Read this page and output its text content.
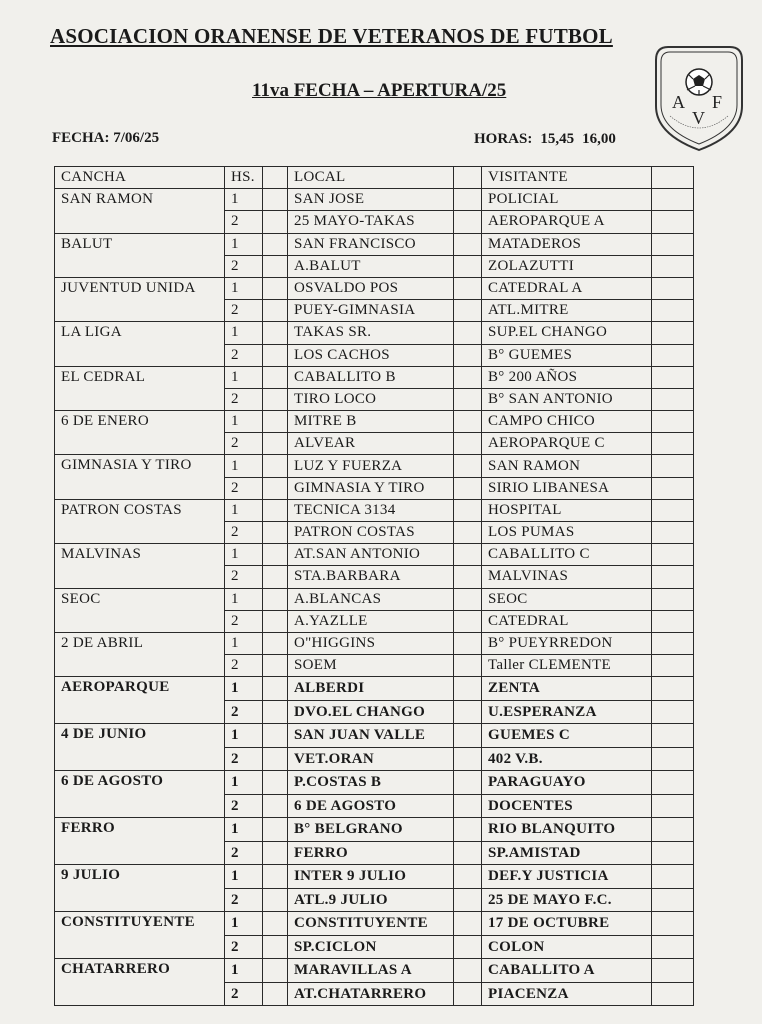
ASOCIACION ORANENSE DE VETERANOS DE FUTBOL
11va FECHA – APERTURA/25
FECHA: 7/06/25	HORAS: 15,45 16,00
A
V
F
CANCHA	HS.		LOCAL		VISITANTE	
SAN RAMON	1		SAN JOSE		POLICIAL	
	2		25 MAYO-TAKAS		AEROPARQUE A	
BALUT	1		SAN FRANCISCO		MATADEROS	
	2		A.BALUT		ZOLAZUTTI	
JUVENTUD UNIDA	1		OSVALDO POS		CATEDRAL A	
	2		PUEY-GIMNASIA		ATL.MITRE	
LA LIGA	1		TAKAS SR.		SUP.EL CHANGO	
	2		LOS CACHOS		B° GUEMES	
EL CEDRAL	1		CABALLITO B		B° 200 AÑOS	
	2		TIRO LOCO		B° SAN ANTONIO	
6 DE ENERO	1		MITRE B		CAMPO CHICO	
	2		ALVEAR		AEROPARQUE C	
GIMNASIA Y TIRO	1		LUZ Y FUERZA		SAN RAMON	
	2		GIMNASIA Y TIRO		SIRIO LIBANESA	
PATRON COSTAS	1		TECNICA 3134		HOSPITAL	
	2		PATRON COSTAS		LOS PUMAS	
MALVINAS	1		AT.SAN ANTONIO		CABALLITO C	
	2		STA.BARBARA		MALVINAS	
SEOC	1		A.BLANCAS		SEOC	
	2		A.YAZLLE		CATEDRAL	
2 DE ABRIL	1		O"HIGGINS		B° PUEYRREDON	
	2		SOEM		Taller CLEMENTE	
AEROPARQUE	1		ALBERDI		ZENTA	
	2		DVO.EL CHANGO		U.ESPERANZA	
4 DE JUNIO	1		SAN JUAN VALLE		GUEMES C	
	2		VET.ORAN		402 V.B.	
6 DE AGOSTO	1		P.COSTAS B		PARAGUAYO	
	2		6 DE AGOSTO		DOCENTES	
FERRO	1		B° BELGRANO		RIO BLANQUITO	
	2		FERRO		SP.AMISTAD	
9 JULIO	1		INTER 9 JULIO		DEF.Y JUSTICIA	
	2		ATL.9 JULIO		25 DE MAYO F.C.	
CONSTITUYENTE	1		CONSTITUYENTE		17 DE OCTUBRE	
	2		SP.CICLON		COLON	
CHATARRERO	1		MARAVILLAS A		CABALLITO A	
	2		AT.CHATARRERO		PIACENZA	
